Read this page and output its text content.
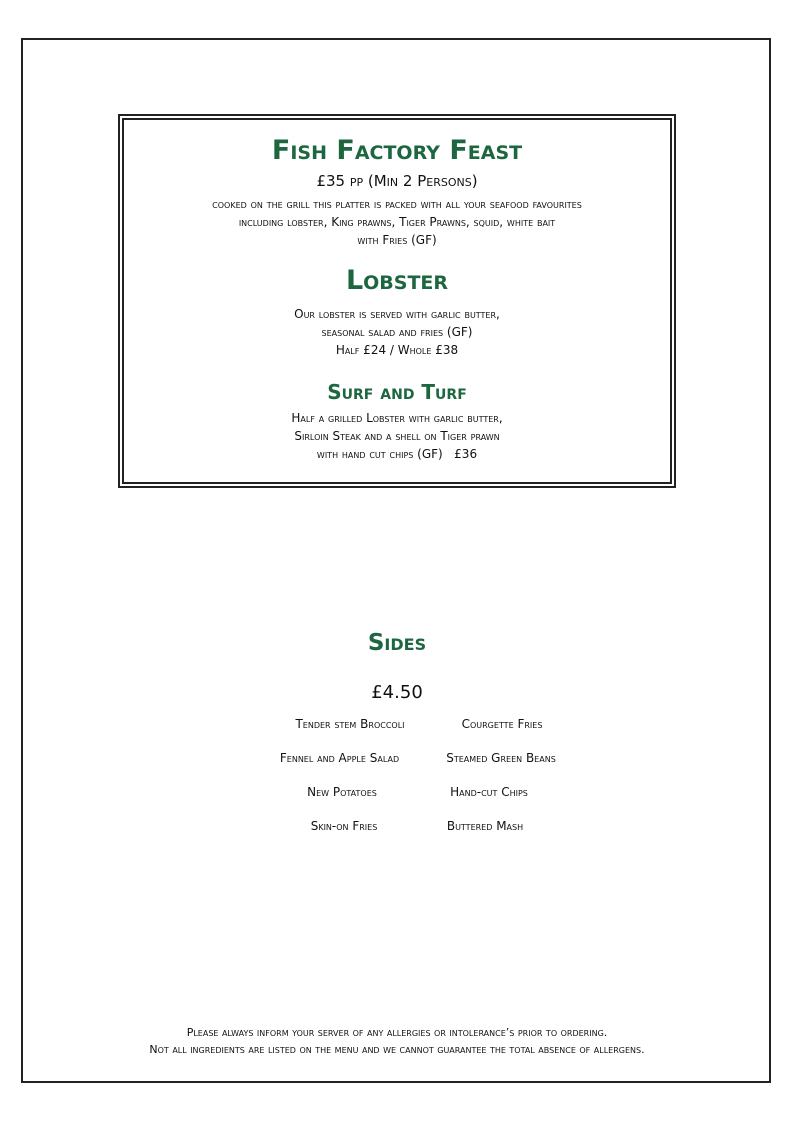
Fish Factory Feast

£35 pp (Min 2 Persons)

cooked on the grill this platter is packed with all your seafood favourites

including lobster, King prawns, Tiger Prawns, squid, white bait

with Fries (GF)

Lobster

Our lobster is served with garlic butter,

seasonal salad and fries (GF)

Half £24 / Whole £38

Surf and Turf

Half a grilled Lobster with garlic butter,

Sirloin Steak and a shell on Tiger prawn

with hand cut chips (GF)   £36

Sides

£4.50

Tender stem Broccoli	Courgette Fries
Fennel and Apple Salad	Steamed Green Beans
New Potatoes	Hand-cut Chips
Skin-on Fries	Buttered Mash

Please always inform your server of any allergies or intolerance’s prior to ordering.

Not all ingredients are listed on the menu and we cannot guarantee the total absence of allergens.
